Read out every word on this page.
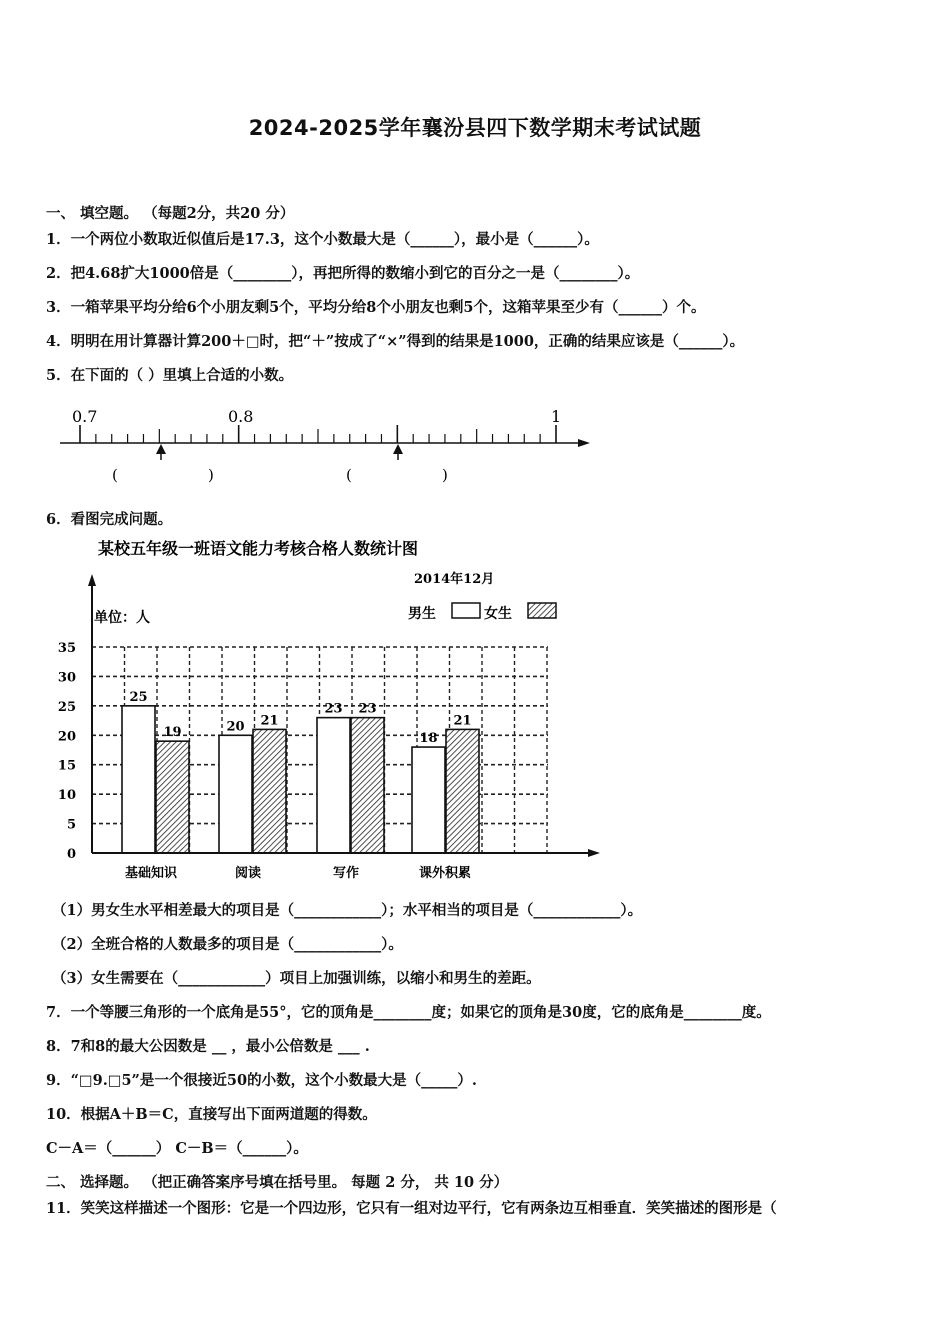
2024-2025学年襄汾县四下数学期末考试试题
一、 填空题。 （每题2分，共20 分）
1．一个两位小数取近似值后是17.3，这个小数最大是（______），最小是（______）。
2．把4.68扩大1000倍是（________），再把所得的数缩小到它的百分之一是（________）。
3．一箱苹果平均分给6个小朋友剩5个，平均分给8个小朋友也剩5个，这箱苹果至少有（______）个。
4．明明在用计算器计算200＋□时，把“＋”按成了“×”得到的结果是1000，正确的结果应该是（______）。
5．在下面的（ ）里填上合适的小数。
0.7	0.8	1
(	)	(	)
6．看图完成问题。
某校五年级一班语文能力考核合格人数统计图
2014年12月
单位：人	男生	女生
0
5
10
15
20
25
30
35
25
19	20 21
23 23
18
21
基础知识	阅读	写作	课外积累
（1）男女生水平相差最大的项目是（____________）；水平相当的项目是（____________）。
（2）全班合格的人数最多的项目是（____________）。
（3）女生需要在（____________）项目上加强训练，以缩小和男生的差距。
7．一个等腰三角形的一个底角是55°，它的顶角是________度；如果它的顶角是30度，它的底角是________度。
8．7和8的最大公因数是 __ ，最小公倍数是 ___ .
9．“□9.□5”是一个很接近50的小数，这个小数最大是（_____）.
10．根据A＋B＝C，直接写出下面两道题的得数。
C－A＝（______） C－B＝（______）。
二、 选择题。 （把正确答案序号填在括号里。 每题 2 分， 共 10 分）
11．笑笑这样描述一个图形：它是一个四边形，它只有一组对边平行，它有两条边互相垂直．笑笑描述的图形是（
